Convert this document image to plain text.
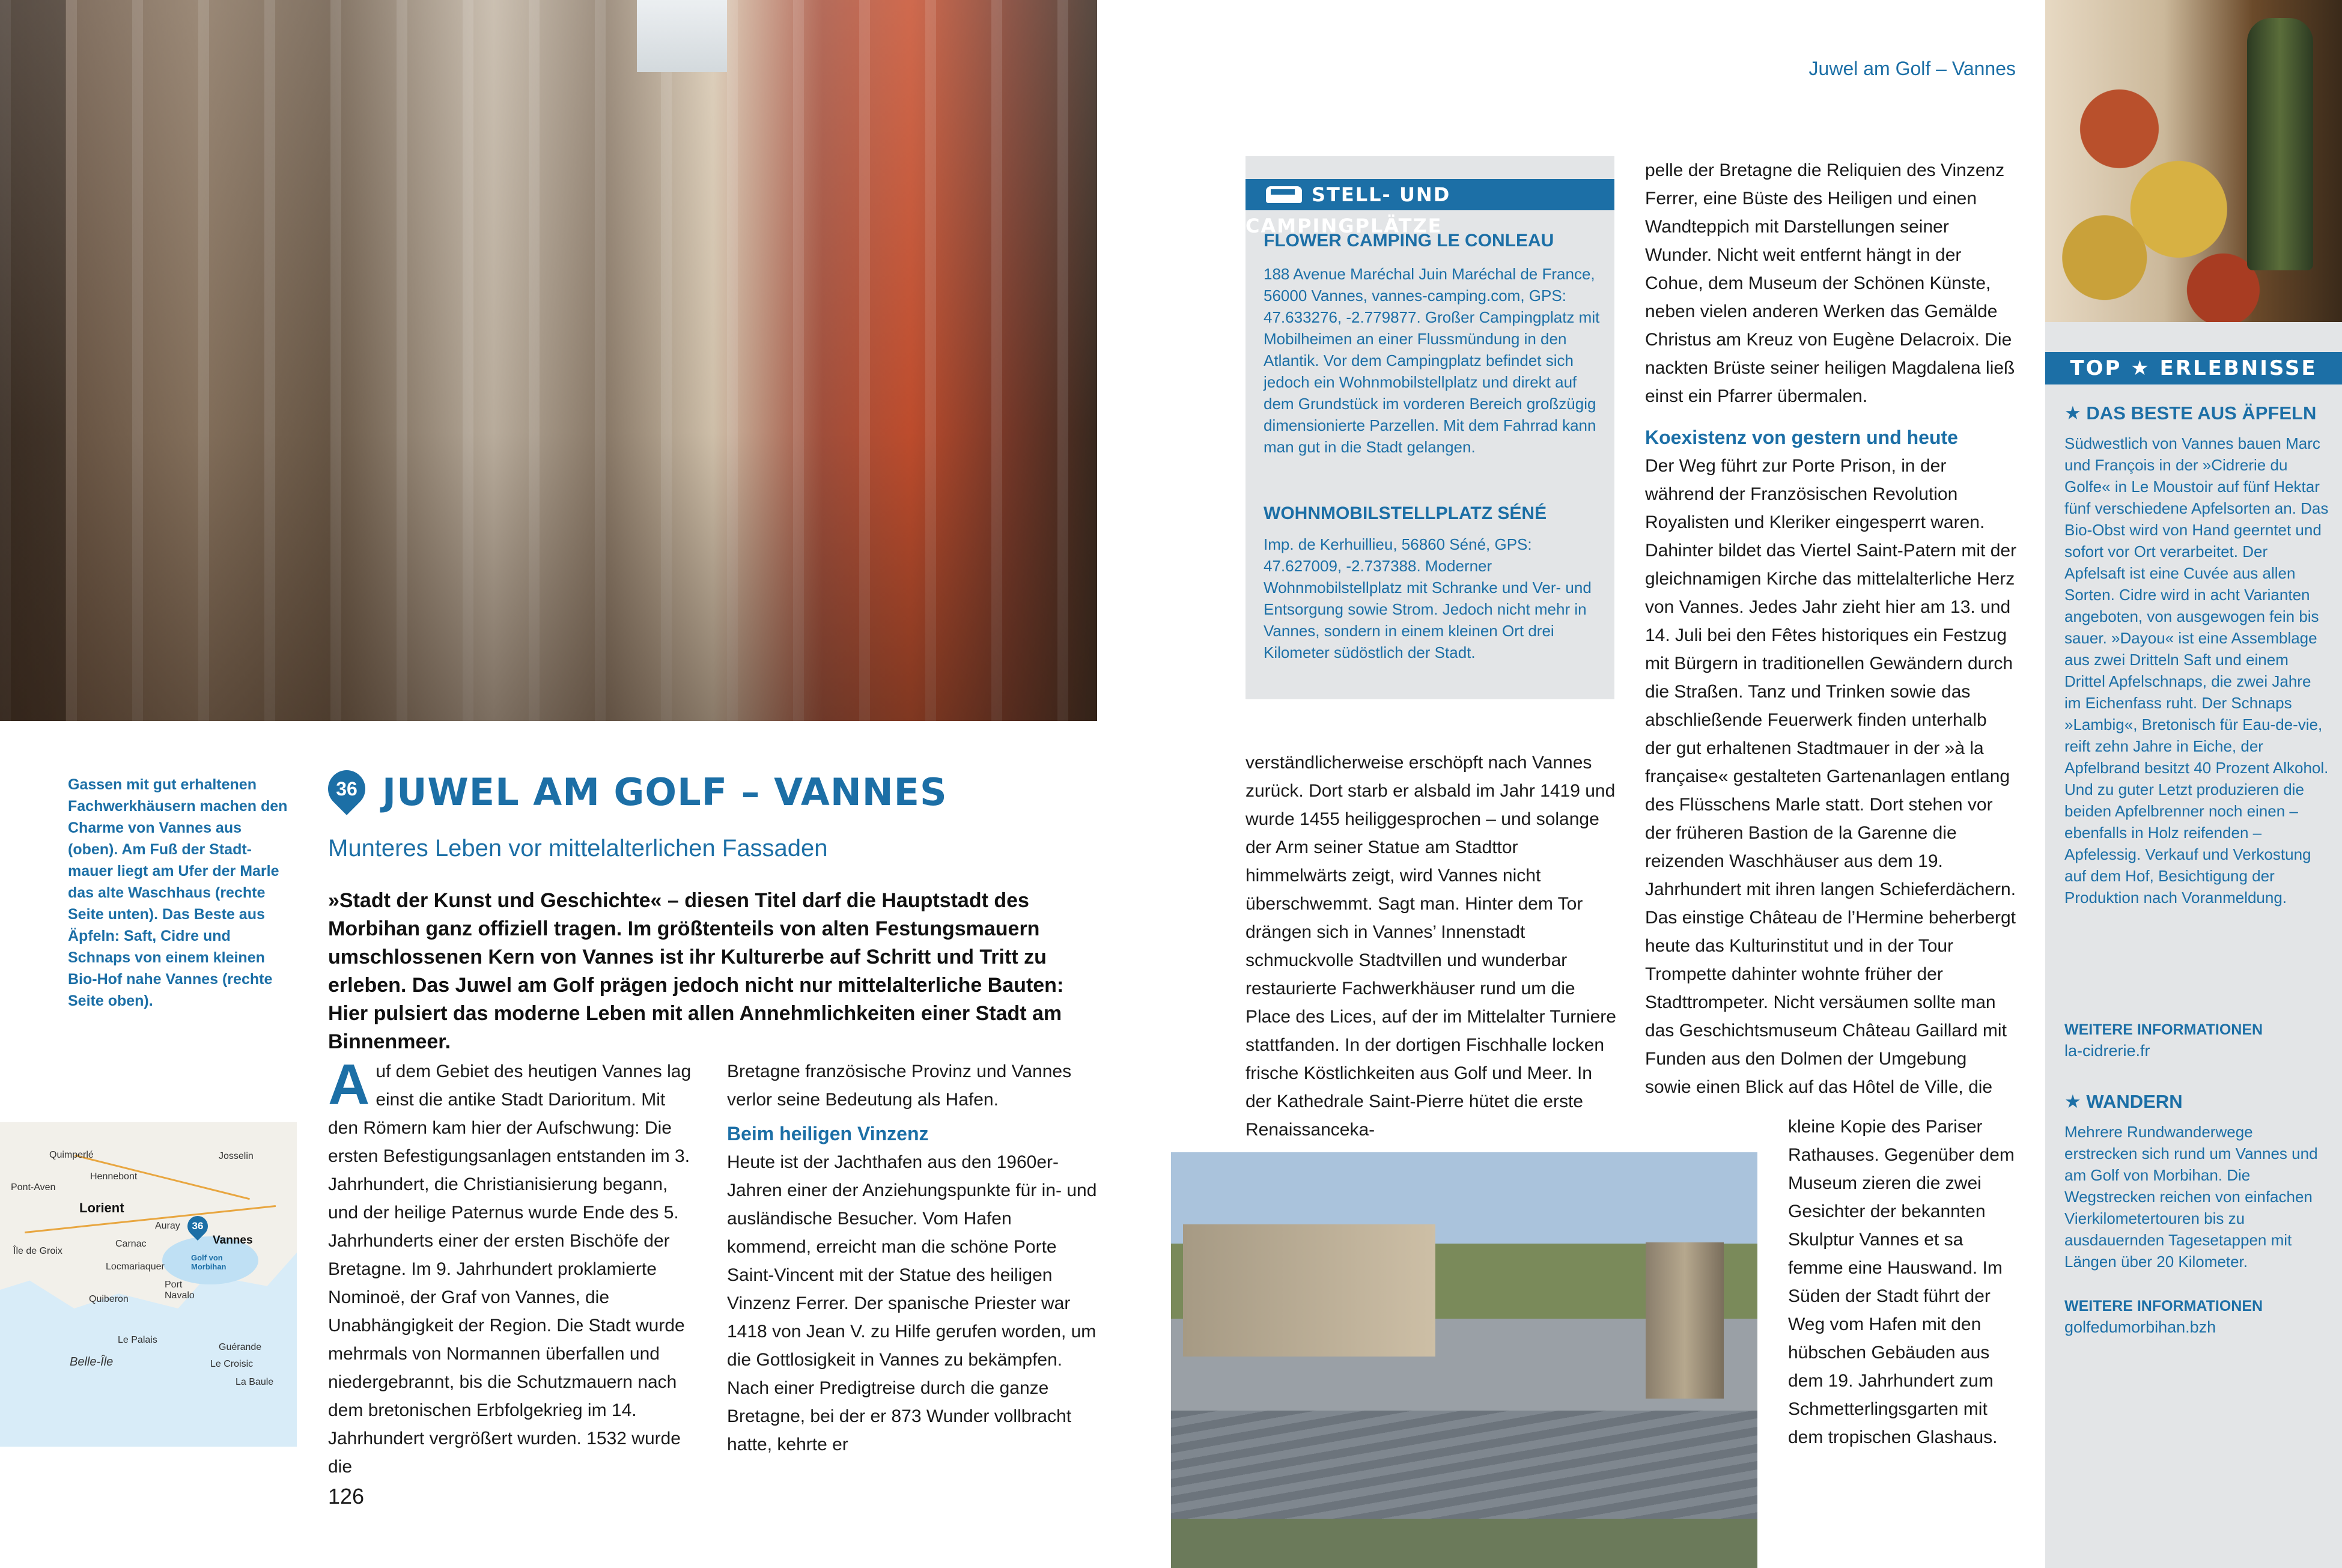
Juwel am Golf – Vannes
Gassen mit gut erhaltenen Fachwerkhäusern machen den Charme von Vannes aus (oben). Am Fuß der Stadt-mauer liegt am Ufer der Marle das alte Waschhaus (rechte Seite unten). Das Beste aus Äpfeln: Saft, Cidre und Schnaps von einem kleinen Bio-Hof nahe Vannes (rechte Seite oben).
Quimperlé	Josselin
Hennebont
Pont-Aven
Lorient
Vannes
Auray
Carnac
Île de Groix
Locmariaquer
Golf von Morbihan
Port Navalo
Quiberon
Le Palais
Guérande
Belle-Île	Le Croisic
La Baule
36
36 JUWEL AM GOLF – VANNES
Munteres Leben vor mittelalterlichen Fassaden
»Stadt der Kunst und Geschichte« – diesen Titel darf die Hauptstadt des Morbihan ganz offiziell tragen. Im größtenteils von alten Festungsmauern umschlossenen Kern von Vannes ist ihr Kulturerbe auf Schritt und Tritt zu erleben. Das Juwel am Golf prägen jedoch nicht nur mittelalterliche Bauten: Hier pulsiert das moderne Leben mit allen Annehmlichkeiten einer Stadt am Binnenmeer.
Auf dem Gebiet des heutigen Vannes lag einst die antike Stadt Darioritum. Mit den Römern kam hier der Aufschwung: Die ersten Befestigungsanlagen entstanden im 3. Jahrhundert, die Christianisierung begann, und der heilige Paternus wurde Ende des 5. Jahrhunderts einer der ersten Bischöfe der Bretagne. Im 9. Jahrhundert proklamierte Nominoë, der Graf von Vannes, die Unabhängigkeit der Region. Die Stadt wurde mehrmals von Normannen überfallen und niedergebrannt, bis die Schutzmauern nach dem bretonischen Erbfolgekrieg im 14. Jahrhundert vergrößert wurden. 1532 wurde die
Bretagne französische Provinz und Vannes verlor seine Bedeutung als Hafen.
Beim heiligen Vinzenz
Heute ist der Jachthafen aus den 1960er-Jahren einer der Anziehungspunkte für in- und ausländische Besucher. Vom Hafen kommend, erreicht man die schöne Porte Saint-Vincent mit der Statue des heiligen Vinzenz Ferrer. Der spanische Priester war 1418 von Jean V. zu Hilfe gerufen worden, um die Gottlosigkeit in Vannes zu bekämpfen. Nach einer Predigtreise durch die ganze Bretagne, bei der er 873 Wunder vollbracht hatte, kehrte er
verständlicherweise erschöpft nach Vannes zurück. Dort starb er alsbald im Jahr 1419 und wurde 1455 heiliggesprochen – und solange der Arm seiner Statue am Stadttor himmelwärts zeigt, wird Vannes nicht überschwemmt. Sagt man. Hinter dem Tor drängen sich in Vannes’ Innenstadt schmuckvolle Stadtvillen und wunderbar restaurierte Fachwerkhäuser rund um die Place des Lices, auf der im Mittelalter Turniere stattfanden. In der dortigen Fischhalle locken frische Köstlichkeiten aus Golf und Meer. In der Kathedrale Saint-Pierre hütet die erste Renaissanceka-
pelle der Bretagne die Reliquien des Vinzenz Ferrer, eine Büste des Heiligen und einen Wandteppich mit Darstellungen seiner Wunder. Nicht weit entfernt hängt in der Cohue, dem Museum der Schönen Künste, neben vielen anderen Werken das Gemälde Christus am Kreuz von Eugène Delacroix. Die nackten Brüste seiner heiligen Magdalena ließ einst ein Pfarrer übermalen.
Koexistenz von gestern und heute
Der Weg führt zur Porte Prison, in der während der Französischen Revolution Royalisten und Kleriker eingesperrt waren. Dahinter bildet das Viertel Saint-Patern mit der gleichnamigen Kirche das mittelalterliche Herz von Vannes. Jedes Jahr zieht hier am 13. und 14. Juli bei den Fêtes historiques ein Festzug mit Bürgern in traditionellen Gewändern durch die Straßen. Tanz und Trinken sowie das abschließende Feuerwerk finden unterhalb der gut erhaltenen Stadtmauer in der »à la française« gestalteten Gartenanlagen entlang des Flüsschens Marle statt. Dort stehen vor der früheren Bastion de la Garenne die reizenden Waschhäuser aus dem 19. Jahrhundert mit ihren langen Schieferdächern. Das einstige Château de l’Hermine beherbergt heute das Kulturinstitut und in der Tour Trompette dahinter wohnte früher der Stadttrompeter. Nicht versäumen sollte man das Geschichtsmuseum Château Gaillard mit Funden aus den Dolmen der Umgebung sowie einen Blick auf das Hôtel de Ville, die
kleine Kopie des Pariser Rathauses. Gegenüber dem Museum zieren die zwei Gesichter der bekannten Skulptur Vannes et sa femme eine Hauswand. Im Süden der Stadt führt der Weg vom Hafen mit den hübschen Gebäuden aus dem 19. Jahrhundert zum Schmetterlingsgarten mit dem tropischen Glashaus.
STELL- UND CAMPINGPLÄTZE
FLOWER CAMPING LE CONLEAU
188 Avenue Maréchal Juin Maréchal de France, 56000 Vannes, vannes-camping.com, GPS: 47.633276, -2.779877. Großer Campingplatz mit Mobilheimen an einer Flussmündung in den Atlantik. Vor dem Campingplatz befindet sich jedoch ein Wohnmobilstellplatz und direkt auf dem Grundstück im vorderen Bereich großzügig dimensionierte Parzellen. Mit dem Fahrrad kann man gut in die Stadt gelangen.
WOHNMOBILSTELLPLATZ SÉNÉ
Imp. de Kerhuillieu, 56860 Séné, GPS: 47.627009, -2.737388. Moderner Wohnmobilstellplatz mit Schranke und Ver- und Entsorgung sowie Strom. Jedoch nicht mehr in Vannes, sondern in einem kleinen Ort drei Kilometer südöstlich der Stadt.
TOP ★ ERLEBNISSE
★ DAS BESTE AUS ÄPFELN
Südwestlich von Vannes bauen Marc und François in der »Cidrerie du Golfe« in Le Moustoir auf fünf Hektar fünf verschiedene Apfelsorten an. Das Bio-Obst wird von Hand geerntet und sofort vor Ort verarbeitet. Der Apfelsaft ist eine Cuvée aus allen Sorten. Cidre wird in acht Varianten angeboten, von ausgewogen fein bis sauer. »Dayou« ist eine Assemblage aus zwei Dritteln Saft und einem Drittel Apfelschnaps, die zwei Jahre im Eichenfass ruht. Der Schnaps »Lambig«, Bretonisch für Eau-de-vie, reift zehn Jahre in Eiche, der Apfelbrand besitzt 40 Prozent Alkohol. Und zu guter Letzt produzieren die beiden Apfelbrenner noch einen – ebenfalls in Holz reifenden – Apfelessig. Verkauf und Verkostung auf dem Hof, Besichtigung der Produktion nach Voranmeldung.
WEITERE INFORMATIONEN
la-cidrerie.fr
★ WANDERN
Mehrere Rundwanderwege erstrecken sich rund um Vannes und am Golf von Morbihan. Die Wegstrecken reichen von einfachen Vierkilometertouren bis zu ausdauernden Tagesetappen mit Längen über 20 Kilometer.
WEITERE INFORMATIONEN
golfedumorbihan.bzh
126
